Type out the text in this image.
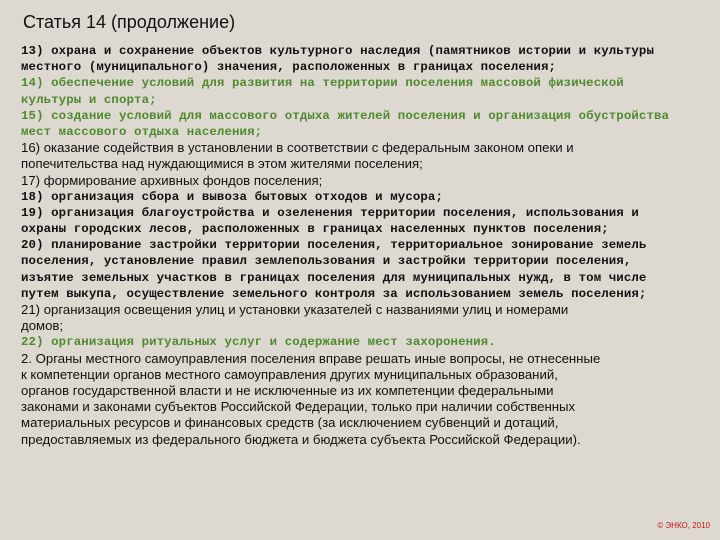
Статья 14 (продолжение)
13) охрана и сохранение объектов культурного наследия (памятников истории и культуры
местного (муниципального) значения, расположенных в границах поселения;
14) обеспечение условий для развития на территории поселения массовой физической
культуры и спорта;
15) создание условий для массового отдыха жителей поселения и организация обустройства
мест массового отдыха населения;
16) оказание содействия в установлении в соответствии с федеральным законом опеки и
попечительства над нуждающимися в этом жителями поселения;
17) формирование архивных фондов поселения;
18) организация сбора и вывоза бытовых отходов и мусора;
19) организация благоустройства и озеленения территории поселения, использования и
охраны городских лесов, расположенных в границах населенных пунктов поселения;
20) планирование застройки территории поселения, территориальное зонирование земель
поселения, установление правил землепользования и застройки территории поселения,
изъятие земельных участков в границах поселения для муниципальных нужд, в том числе
путем выкупа, осуществление земельного контроля за использованием земель поселения;
21) организация освещения улиц и установки указателей с названиями улиц и номерами
домов;
22) организация ритуальных услуг и содержание мест захоронения.
2. Органы местного самоуправления поселения вправе решать иные вопросы, не отнесенные
к компетенции органов местного самоуправления других муниципальных образований,
органов государственной власти и не исключенные из их компетенции федеральными
законами и законами субъектов Российской Федерации, только при наличии собственных
материальных ресурсов и финансовых средств (за исключением субвенций и дотаций,
предоставляемых из федерального бюджета и бюджета субъекта Российской Федерации).
© ЭНКО, 2010
